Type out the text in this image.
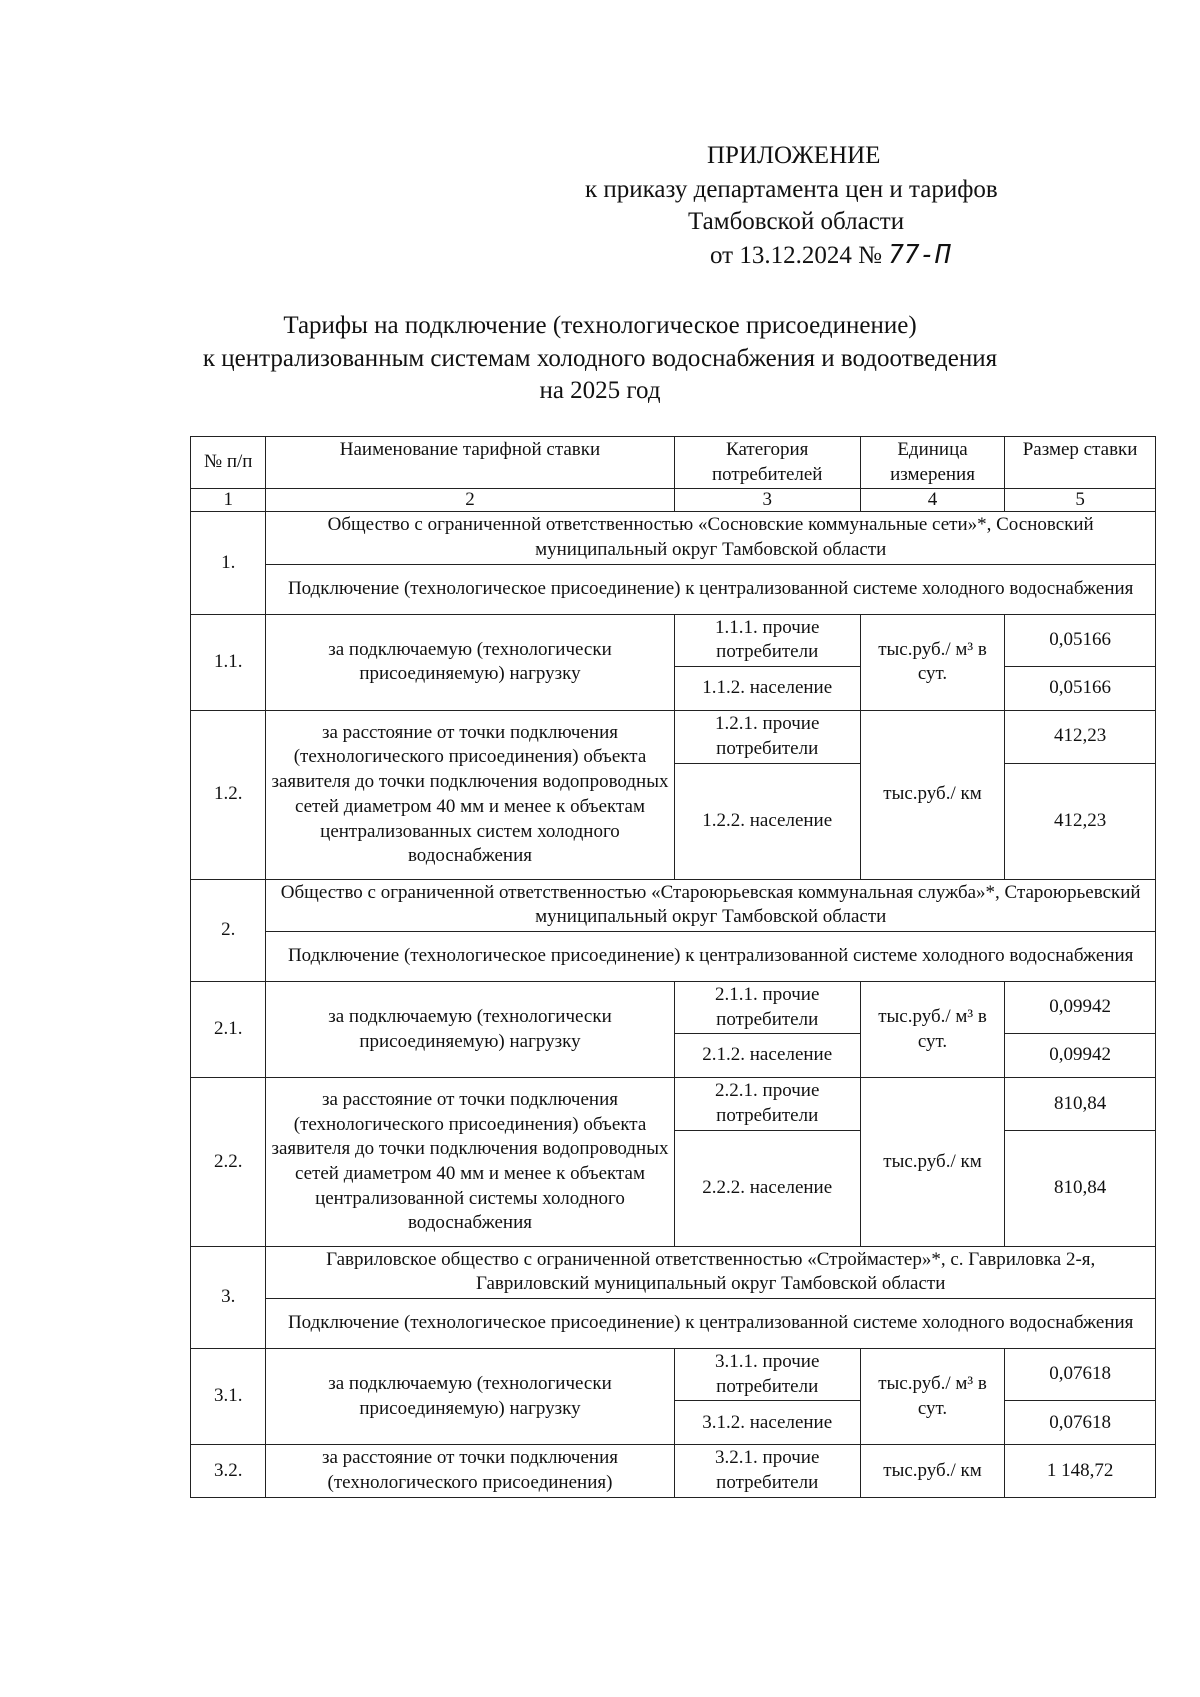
ПРИЛОЖЕНИЕ
к приказу департамента цен и тарифов
Тамбовской области
от 13.12.2024 № 77-П
Тарифы на подключение (технологическое присоединение)
к централизованным системам холодного водоснабжения и водоотведения
на 2025 год
№ п/п	Наименование тарифной ставки	Категория потребителей	Единица измерения	Размер ставки
1	2	3	4	5
1.	Общество с ограниченной ответственностью «Сосновские коммунальные сети»*, Сосновский муниципальный округ Тамбовской области			
	Подключение (технологическое присоединение) к централизованной системе холодного водоснабжения			
1.1.	за подключаемую (технологически присоединяемую) нагрузку	1.1.1. прочие потребители	тыс.руб./ м³ в сут.	0,05166
		1.1.2. население		0,05166
1.2.	за расстояние от точки подключения (технологического присоединения) объекта заявителя до точки подключения водопроводных сетей диаметром 40 мм и менее к объектам централизованных систем холодного водоснабжения	1.2.1. прочие потребители	тыс.руб./ км	412,23
		1.2.2. население		412,23
2.	Общество с ограниченной ответственностью «Староюрьевская коммунальная служба»*, Староюрьевский муниципальный округ Тамбовской области			
	Подключение (технологическое присоединение) к централизованной системе холодного водоснабжения			
2.1.	за подключаемую (технологически присоединяемую) нагрузку	2.1.1. прочие потребители	тыс.руб./ м³ в сут.	0,09942
		2.1.2. население		0,09942
2.2.	за расстояние от точки подключения (технологического присоединения) объекта заявителя до точки подключения водопроводных сетей диаметром 40 мм и менее к объектам централизованной системы холодного водоснабжения	2.2.1. прочие потребители	тыс.руб./ км	810,84
		2.2.2. население		810,84
3.	Гавриловское общество с ограниченной ответственностью «Строймастер»*, с. Гавриловка 2-я, Гавриловский муниципальный округ Тамбовской области			
	Подключение (технологическое присоединение) к централизованной системе холодного водоснабжения			
3.1.	за подключаемую (технологически присоединяемую) нагрузку	3.1.1. прочие потребители	тыс.руб./ м³ в сут.	0,07618
		3.1.2. население		0,07618
3.2.	за расстояние от точки подключения (технологического присоединения)	3.2.1. прочие потребители	тыс.руб./ км	1 148,72
